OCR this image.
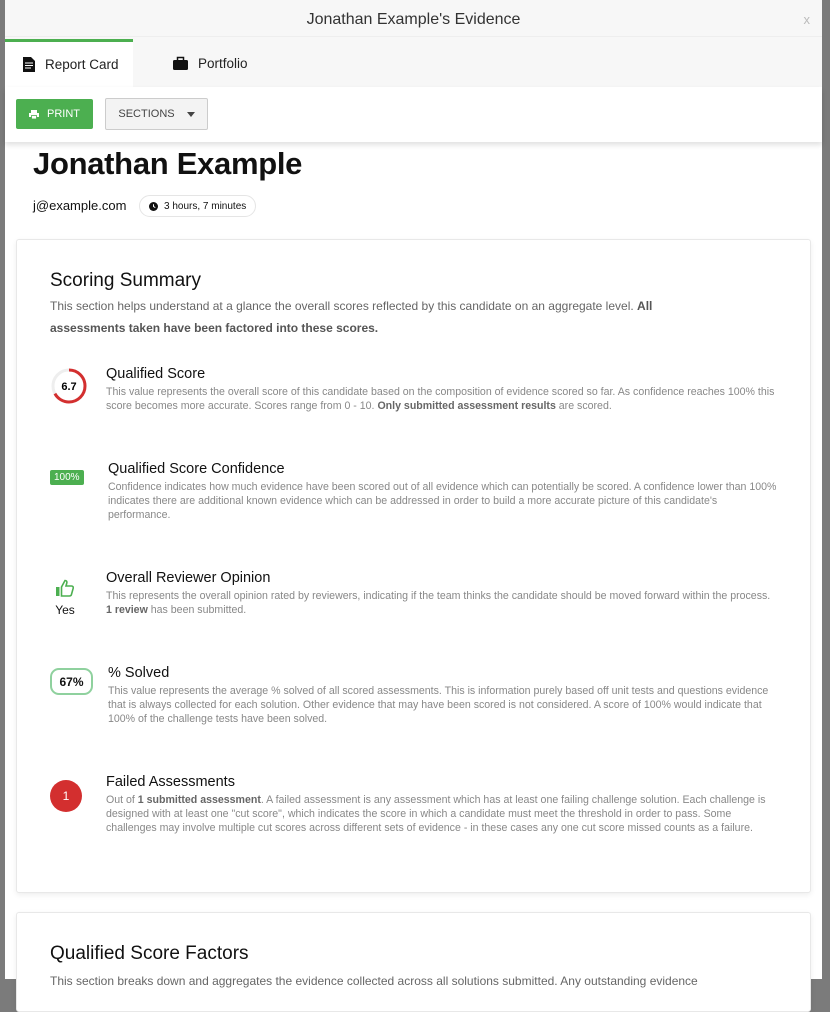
Jonathan Example's Evidence	x
Report Card	Portfolio
PRINT	SECTIONS
Jonathan Example
j@example.com	3 hours, 7 minutes
Scoring Summary
This section helps understand at a glance the overall scores reflected by this candidate on an aggregate level. All assessments taken have been factored into these scores.
6.7
Qualified Score
This value represents the overall score of this candidate based on the composition of evidence scored so far. As confidence reaches 100% this score becomes more accurate. Scores range from 0 - 10. Only submitted assessment results are scored.
100%
Qualified Score Confidence
Confidence indicates how much evidence have been scored out of all evidence which can potentially be scored. A confidence lower than 100% indicates there are additional known evidence which can be addressed in order to build a more accurate picture of this candidate's performance.
Yes
Overall Reviewer Opinion
This represents the overall opinion rated by reviewers, indicating if the team thinks the candidate should be moved forward within the process. 1 review has been submitted.
67%
% Solved
This value represents the average % solved of all scored assessments. This is information purely based off unit tests and questions evidence that is always collected for each solution. Other evidence that may have been scored is not considered. A score of 100% would indicate that 100% of the challenge tests have been solved.
1
Failed Assessments
Out of 1 submitted assessment. A failed assessment is any assessment which has at least one failing challenge solution. Each challenge is designed with at least one "cut score", which indicates the score in which a candidate must meet the threshold in order to pass. Some challenges may involve multiple cut scores across different sets of evidence - in these cases any one cut score missed counts as a failure.
Qualified Score Factors
This section breaks down and aggregates the evidence collected across all solutions submitted. Any outstanding evidence
